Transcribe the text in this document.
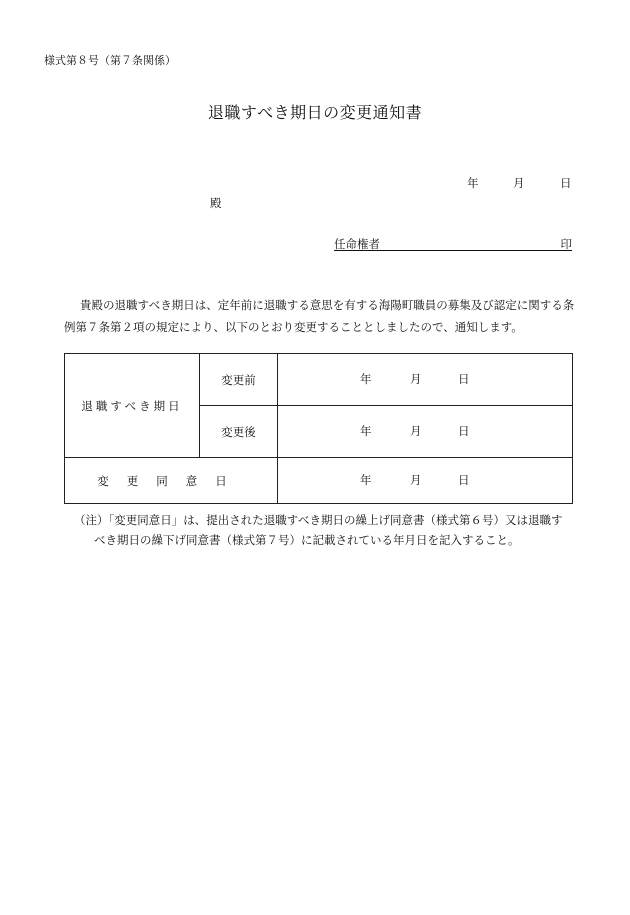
様式第８号（第７条関係）
退職すべき期日の変更通知書
年	月	日
殿
任命権者	印
貴殿の退職すべき期日は、定年前に退職する意思を有する海陽町職員の募集及び認定に関する条例第７条第２項の規定により、以下のとおり変更することとしましたので、通知します。
退職すべき期日	変更前	年 月 日

	変更後	年 月 日

変更同意日		年 月 日
（注）「変更同意日」は、提出された退職すべき期日の繰上げ同意書（様式第６号）又は退職す
べき期日の繰下げ同意書（様式第７号）に記載されている年月日を記入すること。
